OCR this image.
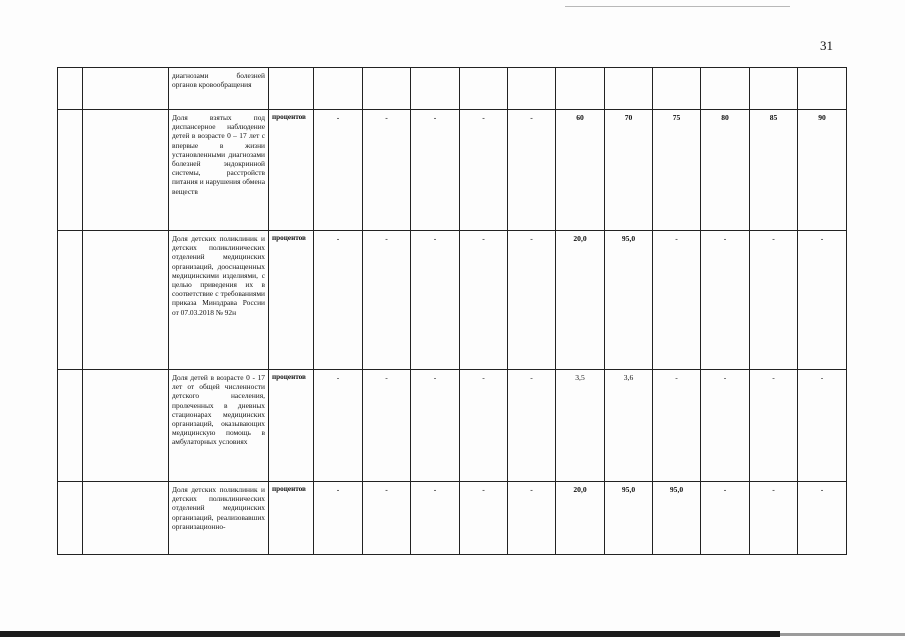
31
диагнозами болезней органов кровообращения
Доля взятых под диспансерное наблюдение детей в возрасте 0 – 17 лет с впервые в жизни установленными диагнозами болезней эндокринной системы, расстройств питания и нарушения обмена веществ
процентов	-	-	-	-	-	60	70	75	80	85	90
Доля детских поликлиник и детских поликлинических отделений медицинских организаций, дооснащенных медицинскими изделиями, с целью приведения их в соответствие с требованиями приказа Минздрава России от 07.03.2018 № 92н
процентов	-	-	-	-	-	20,0	95,0	-	-	-	-
Доля детей в возрасте 0 - 17 лет от общей численности детского населения, пролеченных в дневных стационарах медицинских организаций, оказывающих медицинскую помощь в амбулаторных условиях
процентов	-	-	-	-	-	3,5	3,6	-	-	-	-
Доля детских поликлиник и детских поликлинических отделений медицинских организаций, реализовавших организационно-
процентов	-	-	-	-	-	20,0	95,0	95,0	-	-	-
